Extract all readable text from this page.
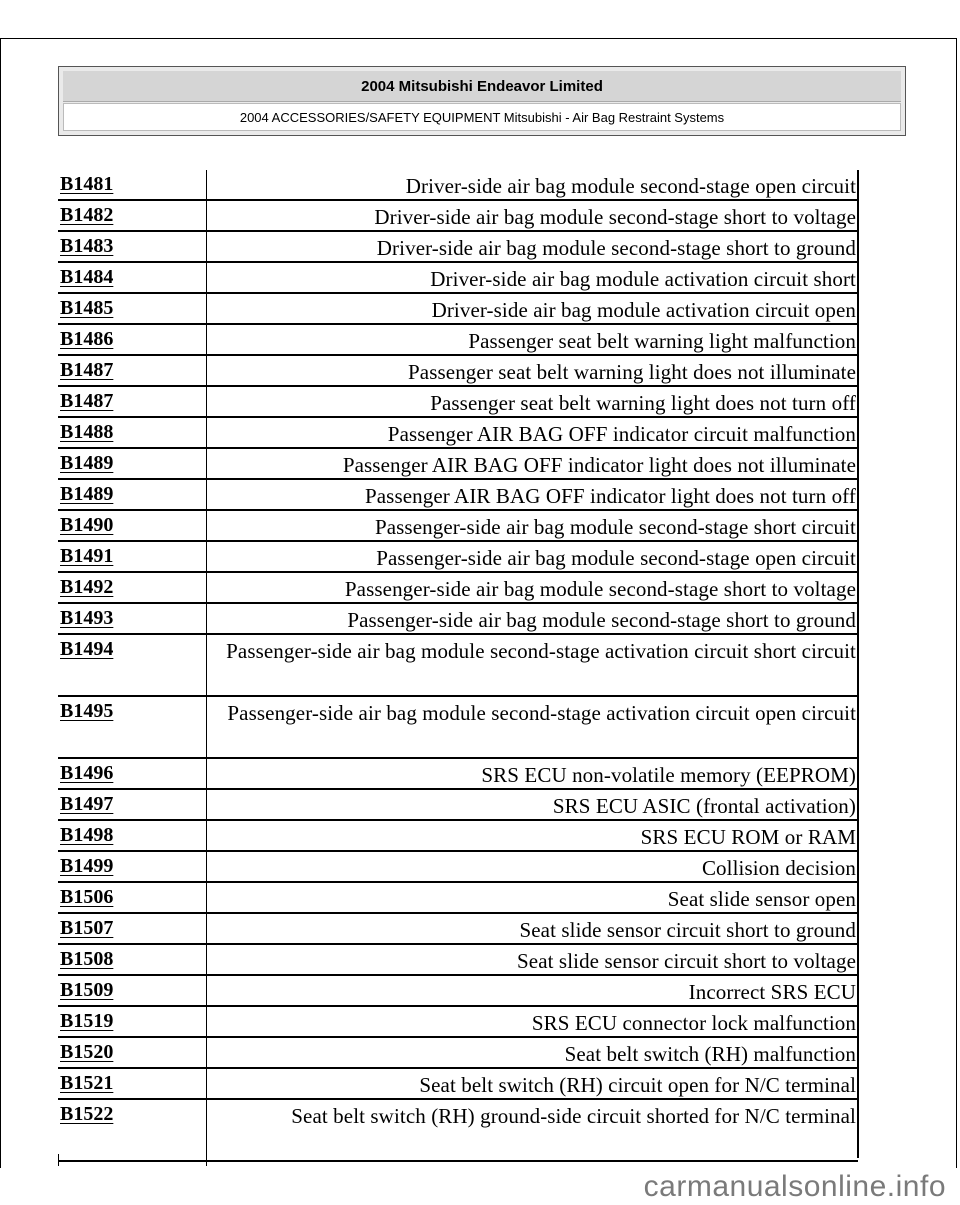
2004 Mitsubishi Endeavor Limited
2004 ACCESSORIES/SAFETY EQUIPMENT Mitsubishi - Air Bag Restraint Systems
B1481	Driver-side air bag module second-stage open circuit
B1482	Driver-side air bag module second-stage short to voltage
B1483	Driver-side air bag module second-stage short to ground
B1484	Driver-side air bag module activation circuit short
B1485	Driver-side air bag module activation circuit open
B1486	Passenger seat belt warning light malfunction
B1487	Passenger seat belt warning light does not illuminate
B1487	Passenger seat belt warning light does not turn off
B1488	Passenger AIR BAG OFF indicator circuit malfunction
B1489	Passenger AIR BAG OFF indicator light does not illuminate
B1489	Passenger AIR BAG OFF indicator light does not turn off
B1490	Passenger-side air bag module second-stage short circuit
B1491	Passenger-side air bag module second-stage open circuit
B1492	Passenger-side air bag module second-stage short to voltage
B1493	Passenger-side air bag module second-stage short to ground
B1494	Passenger-side air bag module second-stage activation circuit short circuit
B1495	Passenger-side air bag module second-stage activation circuit open circuit
B1496	SRS ECU non-volatile memory (EEPROM)
B1497	SRS ECU ASIC (frontal activation)
B1498	SRS ECU ROM or RAM
B1499	Collision decision
B1506	Seat slide sensor open
B1507	Seat slide sensor circuit short to ground
B1508	Seat slide sensor circuit short to voltage
B1509	Incorrect SRS ECU
B1519	SRS ECU connector lock malfunction
B1520	Seat belt switch (RH) malfunction
B1521	Seat belt switch (RH) circuit open for N/C terminal
B1522	Seat belt switch (RH) ground-side circuit shorted for N/C terminal
carmanualsonline.info
